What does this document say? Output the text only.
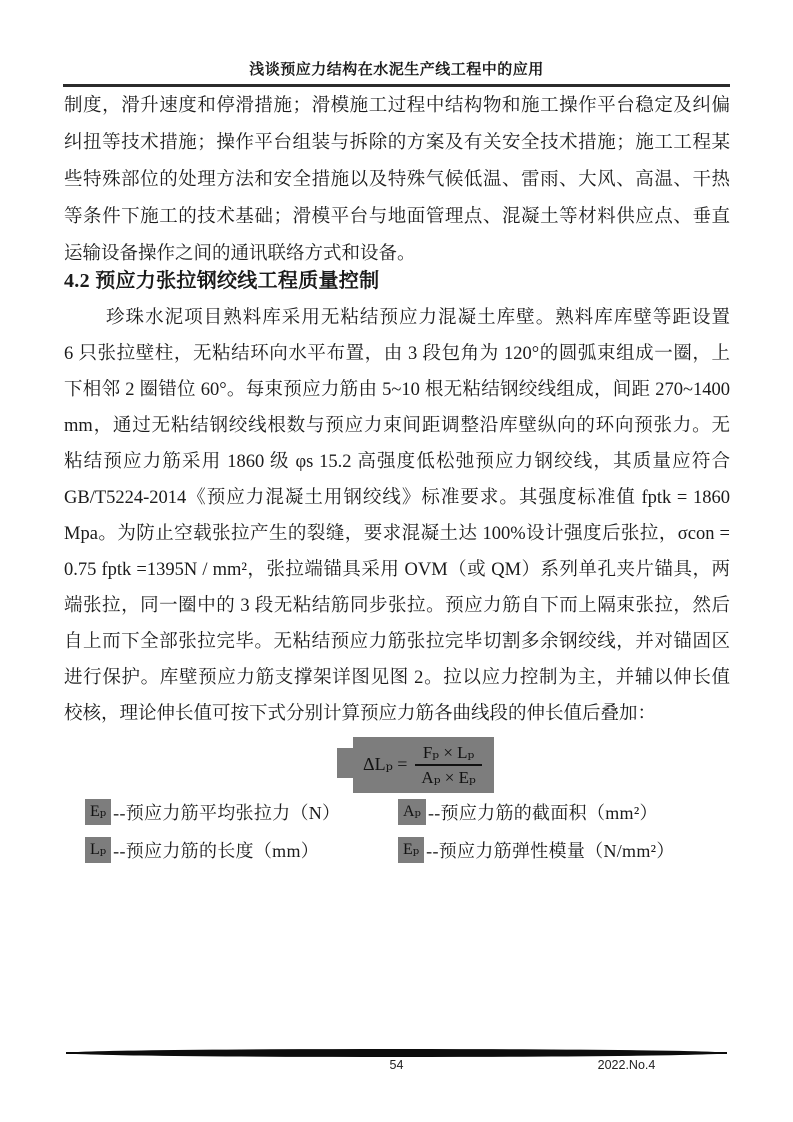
浅谈预应力结构在水泥生产线工程中的应用
制度，滑升速度和停滑措施；滑模施工过程中结构物和施工操作平台稳定及纠偏
纠扭等技术措施；操作平台组装与拆除的方案及有关安全技术措施；施工工程某
些特殊部位的处理方法和安全措施以及特殊气候低温、雷雨、大风、高温、干热
等条件下施工的技术基础；滑模平台与地面管理点、混凝土等材料供应点、垂直
运输设备操作之间的通讯联络方式和设备。
4.2 预应力张拉钢绞线工程质量控制
珍珠水泥项目熟料库采用无粘结预应力混凝土库壁。熟料库库壁等距设置
6 只张拉壁柱，无粘结环向水平布置，由 3 段包角为 120°的圆弧束组成一圈，上
下相邻 2 圈错位 60°。每束预应力筋由 5~10 根无粘结钢绞线组成，间距 270~1400
mm，通过无粘结钢绞线根数与预应力束间距调整沿库壁纵向的环向预张力。无
粘结预应力筋采用 1860 级 φs 15.2 高强度低松弛预应力钢绞线，其质量应符合
GB/T5224-2014《预应力混凝土用钢绞线》标准要求。其强度标准值 fptk = 1860
Mpa。为防止空载张拉产生的裂缝，要求混凝土达 100%设计强度后张拉，σcon =
0.75 fptk =1395N / mm²，张拉端锚具采用 OVM（或 QM）系列单孔夹片锚具，两
端张拉，同一圈中的 3 段无粘结筋同步张拉。预应力筋自下而上隔束张拉，然后
自上而下全部张拉完毕。无粘结预应力筋张拉完毕切割多余钢绞线，并对锚固区
进行保护。库壁预应力筋支撑架详图见图 2。拉以应力控制为主，并辅以伸长值
校核，理论伸长值可按下式分别计算预应力筋各曲线段的伸长值后叠加：
$\Delta L_p = \frac{\text{Fₚ × Lₚ}}{\text{Aₚ × Eₚ}}$
Eₚ --预应力筋平均张拉力（N）	Aₚ --预应力筋的截面积（mm²）
Lₚ --预应力筋的长度（mm）	Eₚ --预应力筋弹性模量（N/mm²）
54	2022.No.4
